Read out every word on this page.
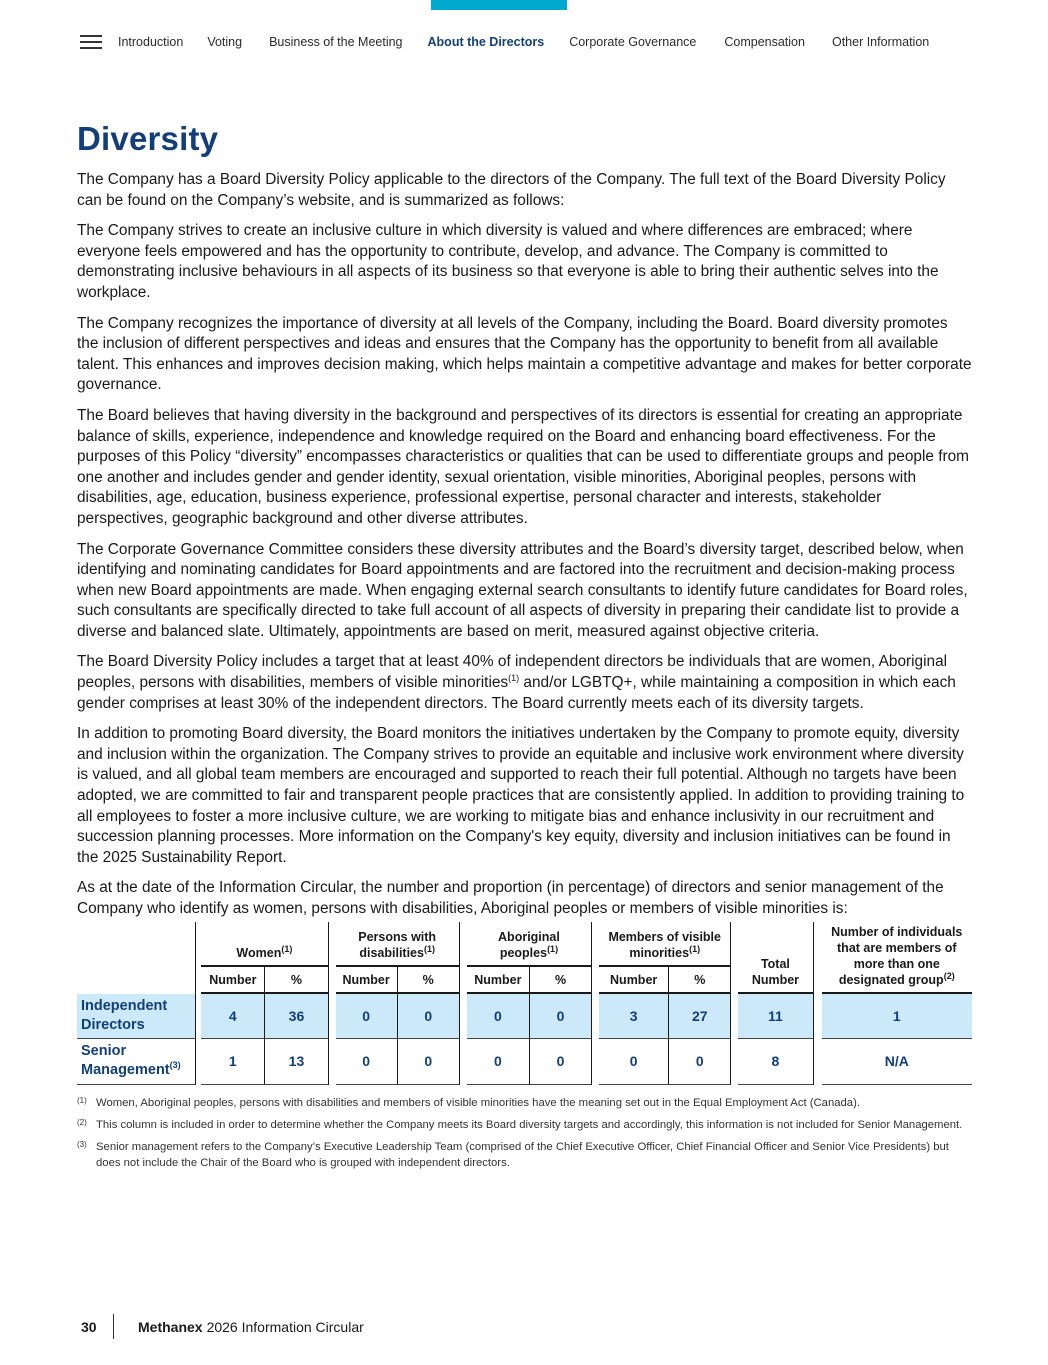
Introduction Voting Business of the Meeting About the Directors Corporate Governance Compensation Other Information
Diversity

The Company has a Board Diversity Policy applicable to the directors of the Company. The full text of the Board Diversity Policy can be found on the Company’s website, and is summarized as follows:

The Company strives to create an inclusive culture in which diversity is valued and where differences are embraced; where everyone feels empowered and has the opportunity to contribute, develop, and advance. The Company is committed to demonstrating inclusive behaviours in all aspects of its business so that everyone is able to bring their authentic selves into the workplace.

The Company recognizes the importance of diversity at all levels of the Company, including the Board. Board diversity promotes the inclusion of different perspectives and ideas and ensures that the Company has the opportunity to benefit from all available talent. This enhances and improves decision making, which helps maintain a competitive advantage and makes for better corporate governance.

The Board believes that having diversity in the background and perspectives of its directors is essential for creating an appropriate balance of skills, experience, independence and knowledge required on the Board and enhancing board effectiveness. For the purposes of this Policy “diversity” encompasses characteristics or qualities that can be used to differentiate groups and people from one another and includes gender and gender identity, sexual orientation, visible minorities, Aboriginal peoples, persons with disabilities, age, education, business experience, professional expertise, personal character and interests, stakeholder perspectives, geographic background and other diverse attributes.

The Corporate Governance Committee considers these diversity attributes and the Board’s diversity target, described below, when identifying and nominating candidates for Board appointments and are factored into the recruitment and decision-making process when new Board appointments are made. When engaging external search consultants to identify future candidates for Board roles, such consultants are specifically directed to take full account of all aspects of diversity in preparing their candidate list to provide a diverse and balanced slate. Ultimately, appointments are based on merit, measured against objective criteria.

The Board Diversity Policy includes a target that at least 40% of independent directors be individuals that are women, Aboriginal peoples, persons with disabilities, members of visible minorities$^{(1)}$ and/or LGBTQ+, while maintaining a composition in which each gender comprises at least 30% of the independent directors. The Board currently meets each of its diversity targets.

In addition to promoting Board diversity, the Board monitors the initiatives undertaken by the Company to promote equity, diversity and inclusion within the organization. The Company strives to provide an equitable and inclusive work environment where diversity is valued, and all global team members are encouraged and supported to reach their full potential. Although no targets have been adopted, we are committed to fair and transparent people practices that are consistently applied. In addition to providing training to all employees to foster a more inclusive culture, we are working to mitigate bias and enhance inclusivity in our recruitment and succession planning processes. More information on the Company's key equity, diversity and inclusion initiatives can be found in the 2025 Sustainability Report.

As at the date of the Information Circular, the number and proportion (in percentage) of directors and senior management of the Company who identify as women, persons with disabilities, Aboriginal peoples or members of visible minorities is:

		Women$^{(1)}$			Persons with disabilities$^{(1)}$			Aboriginal peoples$^{(1)}$			Members of visible minorities$^{(1)}$			Total Number		Number of individuals that are members of more than one designated group$^{(2)}$
		Number	%		Number	%		Number	%		Number	%				
Independent Directors		4	36		0	0		0	0		3	27		11		1
Senior Management$^{(3)}$		1	13		0	0		0	0		0	0		8		N/A
(1) Women, Aboriginal peoples, persons with disabilities and members of visible minorities have the meaning set out in the Equal Employment Act (Canada).
(2) This column is included in order to determine whether the Company meets its Board diversity targets and accordingly, this information is not included for Senior Management.
(3) Senior management refers to the Company’s Executive Leadership Team (comprised of the Chief Executive Officer, Chief Financial Officer and Senior Vice Presidents) but does not include the Chair of the Board who is grouped with independent directors.
30	Methanex 2026 Information Circular
